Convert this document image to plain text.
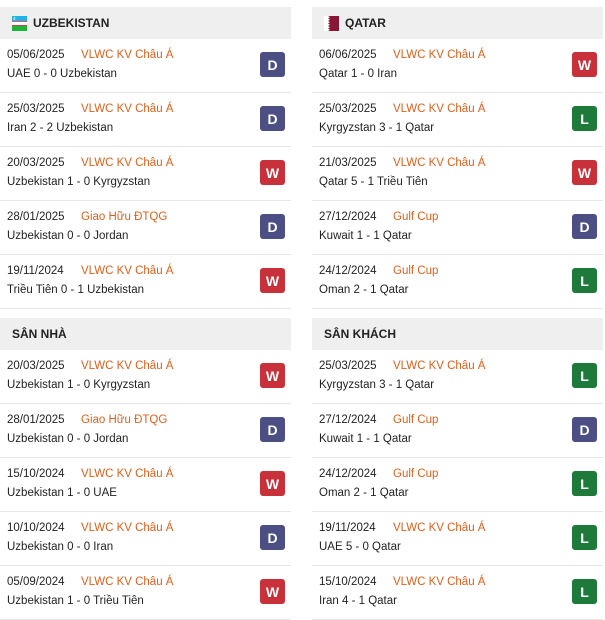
UZBEKISTAN
05/06/2025 VLWC KV Châu Á
UAE 0 - 0 Uzbekistan
D
25/03/2025 VLWC KV Châu Á
Iran 2 - 2 Uzbekistan
D
20/03/2025 VLWC KV Châu Á
Uzbekistan 1 - 0 Kyrgyzstan
W
28/01/2025 Giao Hữu ĐTQG
Uzbekistan 0 - 0 Jordan
D
19/11/2024 VLWC KV Châu Á
Triều Tiên 0 - 1 Uzbekistan
W
SÂN NHÀ
20/03/2025 VLWC KV Châu Á
Uzbekistan 1 - 0 Kyrgyzstan
W
28/01/2025 Giao Hữu ĐTQG
Uzbekistan 0 - 0 Jordan
D
15/10/2024 VLWC KV Châu Á
Uzbekistan 1 - 0 UAE
W
10/10/2024 VLWC KV Châu Á
Uzbekistan 0 - 0 Iran
D
05/09/2024 VLWC KV Châu Á
Uzbekistan 1 - 0 Triều Tiên
W
QATAR
06/06/2025 VLWC KV Châu Á
Qatar 1 - 0 Iran
W
25/03/2025 VLWC KV Châu Á
Kyrgyzstan 3 - 1 Qatar
L
21/03/2025 VLWC KV Châu Á
Qatar 5 - 1 Triều Tiên
W
27/12/2024 Gulf Cup
Kuwait 1 - 1 Qatar
D
24/12/2024 Gulf Cup
Oman 2 - 1 Qatar
L
SÂN KHÁCH
25/03/2025 VLWC KV Châu Á
Kyrgyzstan 3 - 1 Qatar
L
27/12/2024 Gulf Cup
Kuwait 1 - 1 Qatar
D
24/12/2024 Gulf Cup
Oman 2 - 1 Qatar
L
19/11/2024 VLWC KV Châu Á
UAE 5 - 0 Qatar
L
15/10/2024 VLWC KV Châu Á
Iran 4 - 1 Qatar
L
